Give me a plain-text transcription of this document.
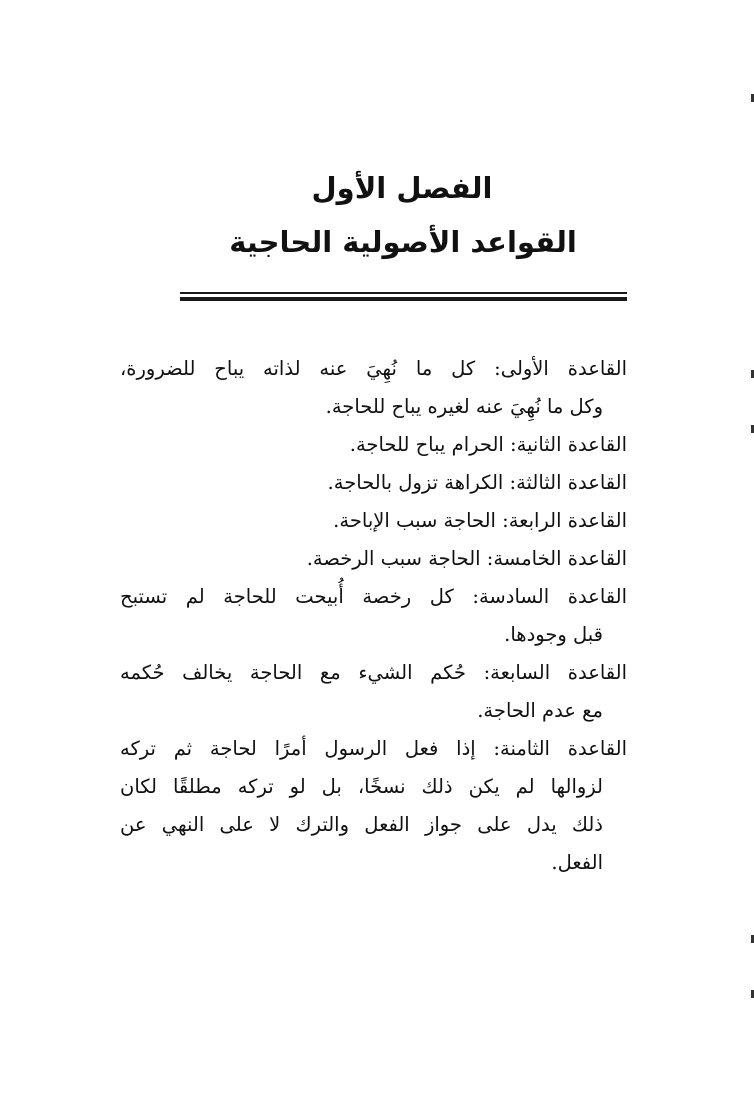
الفصل الأول
القواعد الأصولية الحاجية
القاعدة الأولى: كل ما نُهِيَ عنه لذاته يباح للضرورة،
وكل ما نُهِيَ عنه لغيره يباح للحاجة.
القاعدة الثانية: الحرام يباح للحاجة.
القاعدة الثالثة: الكراهة تزول بالحاجة.
القاعدة الرابعة: الحاجة سبب الإباحة.
القاعدة الخامسة: الحاجة سبب الرخصة.
القاعدة السادسة: كل رخصة أُبيحت للحاجة لم تستبح
قبل وجودها.
القاعدة السابعة: حُكم الشيء مع الحاجة يخالف حُكمه
مع عدم الحاجة.
القاعدة الثامنة: إذا فعل الرسول أمرًا لحاجة ثم تركه
لزوالها لم يكن ذلك نسخًا، بل لو تركه مطلقًا لكان
ذلك يدل على جواز الفعل والترك لا على النهي عن
الفعل.
